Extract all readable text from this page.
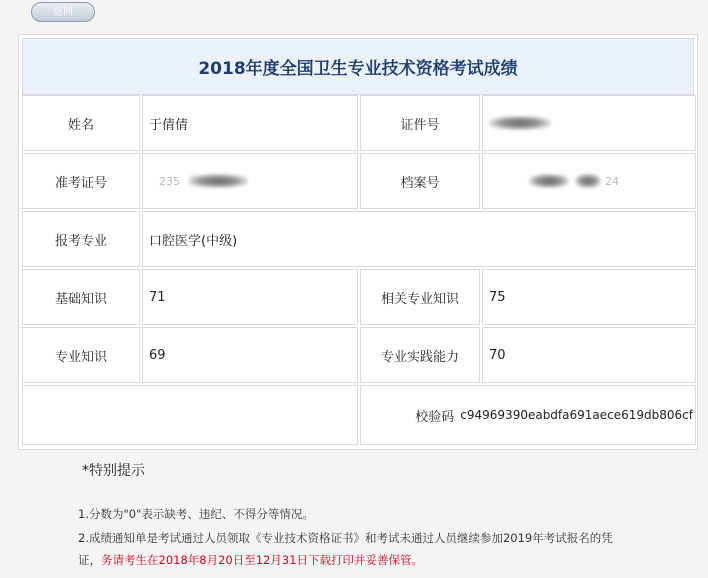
返回
2018年度全国卫生专业技术资格考试成绩
姓名	于倩倩	证件号
准考证号	235	档案号	24
报考专业	口腔医学(中级)
基础知识	71	相关专业知识	75
专业知识	69	专业实践能力	70
校验码 c94969390eabdfa691aece619db806cf
*特别提示
1.分数为"0"表示缺考、违纪、不得分等情况。
2.成绩通知单是考试通过人员领取《专业技术资格证书》和考试未通过人员继续参加2019年考试报名的凭
证，务请考生在2018年8月20日至12月31日下载打印并妥善保管。
